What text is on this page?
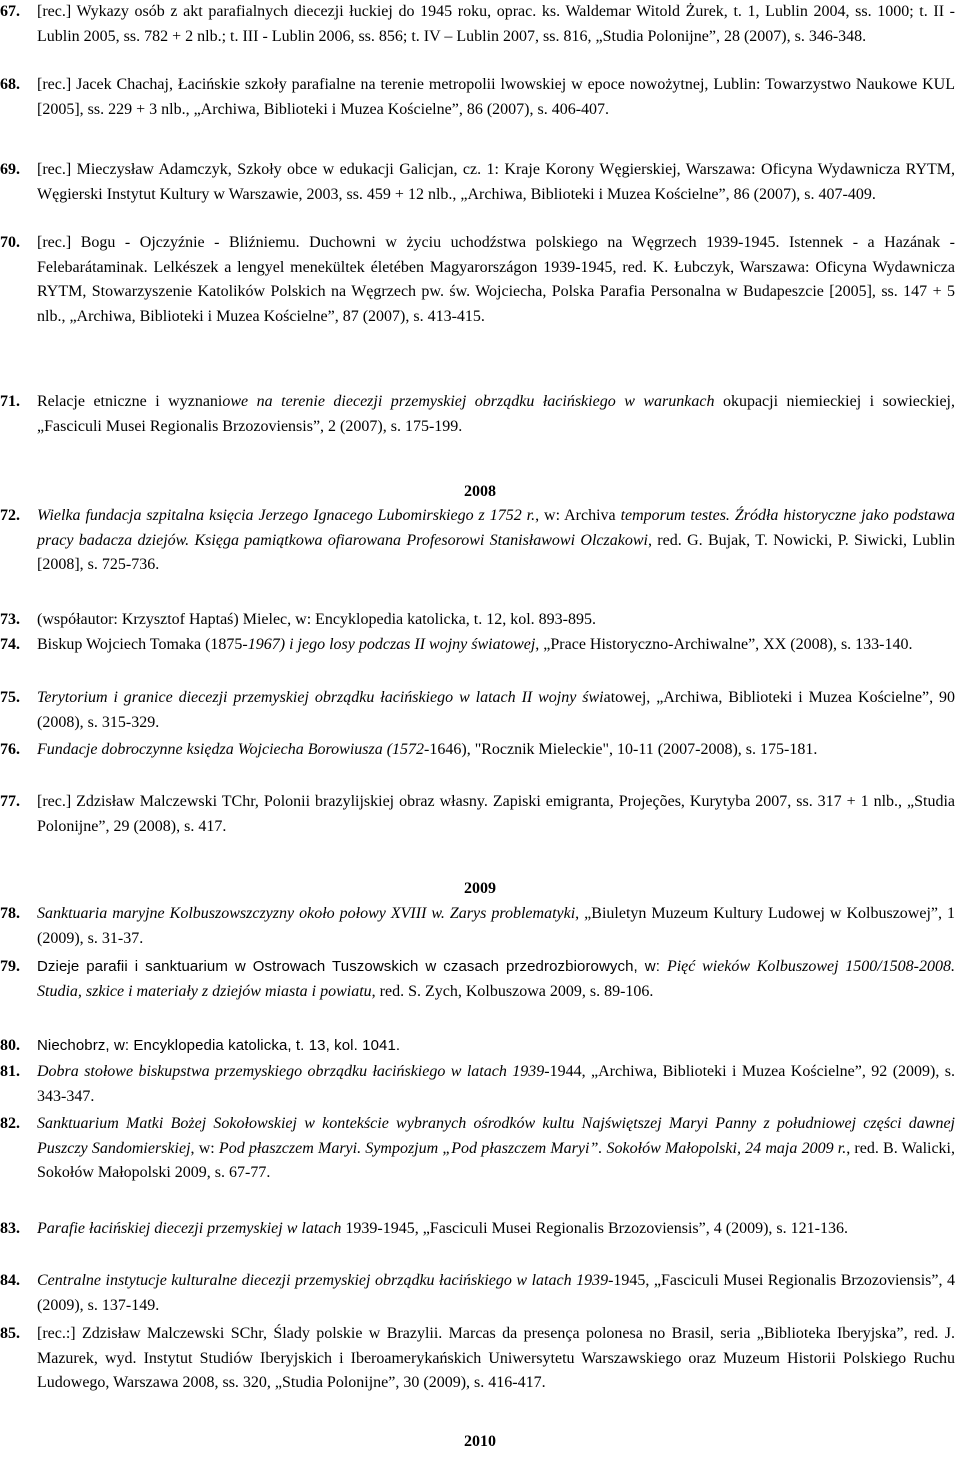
67.	[rec.] Wykazy osób z akt parafialnych diecezji łuckiej do 1945 roku, oprac. ks. Waldemar Witold Żurek, t. 1, Lublin 2004, ss. 1000; t. II - Lublin 2005, ss. 782 + 2 nlb.; t. III - Lublin 2006, ss. 856; t. IV – Lublin 2007, ss. 816, „Studia Polonijne”, 28 (2007), s. 346-348.
68.	[rec.] Jacek Chachaj, Łacińskie szkoły parafialne na terenie metropolii lwowskiej w epoce nowożytnej, Lublin: Towarzystwo Naukowe KUL [2005], ss. 229 + 3 nlb., „Archiwa, Biblioteki i Muzea Kościelne”, 86 (2007), s. 406-407.
69.	[rec.] Mieczysław Adamczyk, Szkoły obce w edukacji Galicjan, cz. 1: Kraje Korony Węgierskiej, Warszawa: Oficyna Wydawnicza RYTM, Węgierski Instytut Kultury w Warszawie, 2003, ss. 459 + 12 nlb., „Archiwa, Biblioteki i Muzea Kościelne”, 86 (2007), s. 407-409.
70.	[rec.] Bogu - Ojczyźnie - Bliźniemu. Duchowni w życiu uchodźstwa polskiego na Węgrzech 1939-1945. Istennek - a Hazának - Felebarátaminak. Lelkészek a lengyel menekültek életében Magyarországon 1939-1945, red. K. Łubczyk, Warszawa: Oficyna Wydawnicza RYTM, Stowarzyszenie Katolików Polskich na Węgrzech pw. św. Wojciecha, Polska Parafia Personalna w Budapeszcie [2005], ss. 147 + 5 nlb., „Archiwa, Biblioteki i Muzea Kościelne”, 87 (2007), s. 413-415.
71.	Relacje etniczne i wyznaniowe na terenie diecezji przemyskiej obrządku łacińskiego w warunkach okupacji niemieckiej i sowieckiej, „Fasciculi Musei Regionalis Brzozoviensis”, 2 (2007), s. 175-199.
2008
72.	Wielka fundacja szpitalna księcia Jerzego Ignacego Lubomirskiego z 1752 r., w: Archiva temporum testes. Źródła historyczne jako podstawa pracy badacza dziejów. Księga pamiątkowa ofiarowana Profesorowi Stanisławowi Olczakowi, red. G. Bujak, T. Nowicki, P. Siwicki, Lublin [2008], s. 725-736.
73.	(współautor: Krzysztof Haptaś) Mielec, w: Encyklopedia katolicka, t. 12, kol. 893-895.
74.	Biskup Wojciech Tomaka (1875-1967) i jego losy podczas II wojny światowej, „Prace Historyczno-Archiwalne”, XX (2008), s. 133-140.
75.	Terytorium i granice diecezji przemyskiej obrządku łacińskiego w latach II wojny światowej, „Archiwa, Biblioteki i Muzea Kościelne”, 90 (2008), s. 315-329.
76.	Fundacje dobroczynne księdza Wojciecha Borowiusza (1572-1646), "Rocznik Mieleckie", 10-11 (2007-2008), s. 175-181.
77.	[rec.] Zdzisław Malczewski TChr, Polonii brazylijskiej obraz własny. Zapiski emigranta, Projeções, Kurytyba 2007, ss. 317 + 1 nlb., „Studia Polonijne”, 29 (2008), s. 417.
2009
78.	Sanktuaria maryjne Kolbuszowszczyzny około połowy XVIII w. Zarys problematyki, „Biuletyn Muzeum Kultury Ludowej w Kolbuszowej”, 1 (2009), s. 31-37.
79.	Dzieje parafii i sanktuarium w Ostrowach Tuszowskich w czasach przedrozbiorowych, w: Pięć wieków Kolbuszowej 1500/1508-2008. Studia, szkice i materiały z dziejów miasta i powiatu, red. S. Zych, Kolbuszowa 2009, s. 89-106.
80.	Niechobrz, w: Encyklopedia katolicka, t. 13, kol. 1041.
81.	Dobra stołowe biskupstwa przemyskiego obrządku łacińskiego w latach 1939-1944, „Archiwa, Biblioteki i Muzea Kościelne”, 92 (2009), s. 343-347.
82.	Sanktuarium Matki Bożej Sokołowskiej w kontekście wybranych ośrodków kultu Najświętszej Maryi Panny z południowej części dawnej Puszczy Sandomierskiej, w: Pod płaszczem Maryi. Sympozjum „Pod płaszczem Maryi”. Sokołów Małopolski, 24 maja 2009 r., red. B. Walicki, Sokołów Małopolski 2009, s. 67-77.
83.	Parafie łacińskiej diecezji przemyskiej w latach 1939-1945, „Fasciculi Musei Regionalis Brzozoviensis”, 4 (2009), s. 121-136.
84.	Centralne instytucje kulturalne diecezji przemyskiej obrządku łacińskiego w latach 1939-1945, „Fasciculi Musei Regionalis Brzozoviensis”, 4 (2009), s. 137-149.
85.	[rec.:] Zdzisław Malczewski SChr, Ślady polskie w Brazylii. Marcas da presença polonesa no Brasil, seria „Biblioteka Iberyjska”, red. J. Mazurek, wyd. Instytut Studiów Iberyjskich i Iberoamerykańskich Uniwersytetu Warszawskiego oraz Muzeum Historii Polskiego Ruchu Ludowego, Warszawa 2008, ss. 320, „Studia Polonijne”, 30 (2009), s. 416-417.
2010
